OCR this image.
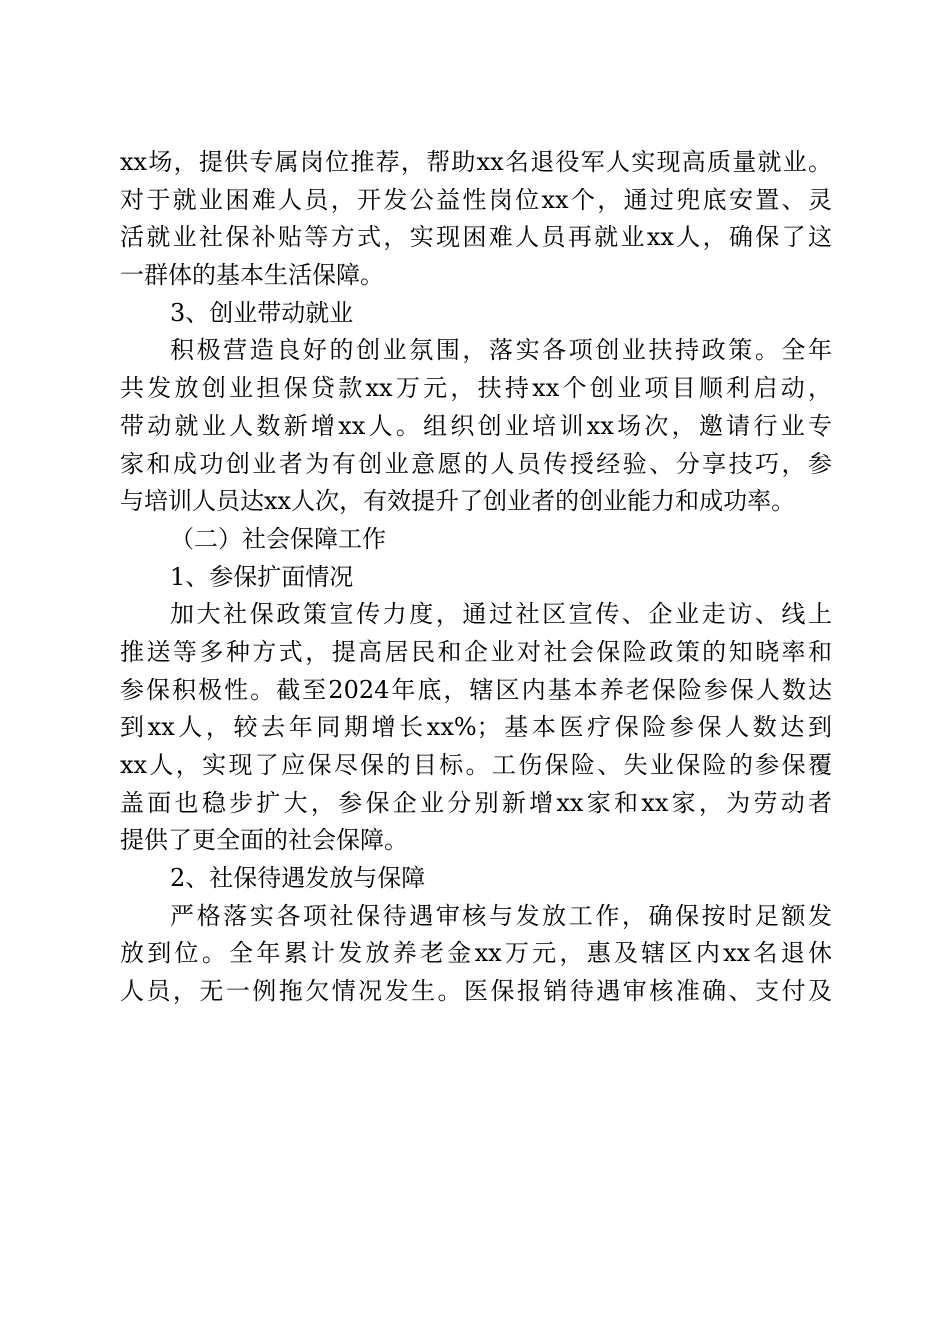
xx场，提供专属岗位推荐，帮助xx名退役军人实现高质量就业。
对于就业困难人员，开发公益性岗位xx个，通过兜底安置、灵
活就业社保补贴等方式，实现困难人员再就业xx人，确保了这
一群体的基本生活保障。
3、创业带动就业
积极营造良好的创业氛围，落实各项创业扶持政策。全年
共发放创业担保贷款xx万元，扶持xx个创业项目顺利启动，
带动就业人数新增xx人。组织创业培训xx场次，邀请行业专
家和成功创业者为有创业意愿的人员传授经验、分享技巧，参
与培训人员达xx人次，有效提升了创业者的创业能力和成功率。
（二）社会保障工作
1、参保扩面情况
加大社保政策宣传力度，通过社区宣传、企业走访、线上
推送等多种方式，提高居民和企业对社会保险政策的知晓率和
参保积极性。截至2024年底，辖区内基本养老保险参保人数达
到xx人，较去年同期增长xx%；基本医疗保险参保人数达到
xx人，实现了应保尽保的目标。工伤保险、失业保险的参保覆
盖面也稳步扩大，参保企业分别新增xx家和xx家，为劳动者
提供了更全面的社会保障。
2、社保待遇发放与保障
严格落实各项社保待遇审核与发放工作，确保按时足额发
放到位。全年累计发放养老金xx万元，惠及辖区内xx名退休
人员，无一例拖欠情况发生。医保报销待遇审核准确、支付及
